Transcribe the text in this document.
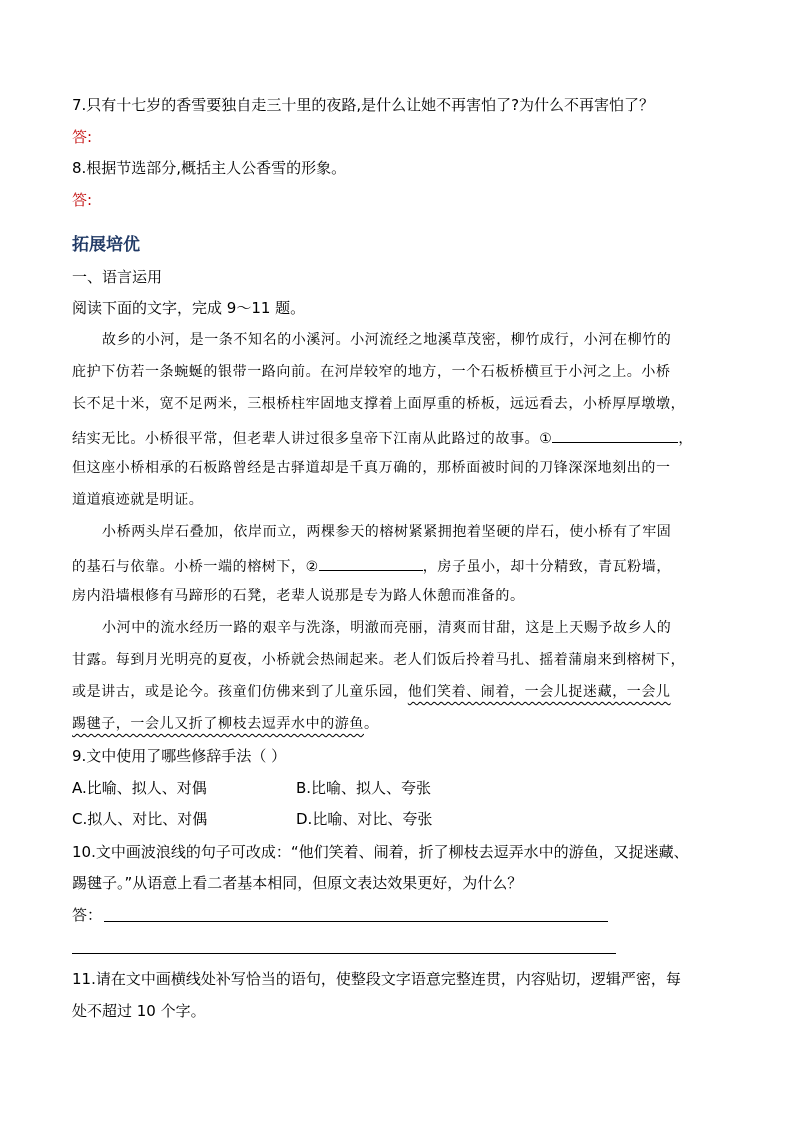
7.只有十七岁的香雪要独自走三十里的夜路,是什么让她不再害怕了?为什么不再害怕了？
答:
8.根据节选部分,概括主人公香雪的形象。
答:
拓展培优
一、语言运用
阅读下面的文字，完成 9～11 题。
故乡的小河，是一条不知名的小溪河。小河流经之地溪草茂密，柳竹成行，小河在柳竹的
庇护下仿若一条蜿蜒的银带一路向前。在河岸较窄的地方，一个石板桥横亘于小河之上。小桥
长不足十米，宽不足两米，三根桥柱牢固地支撑着上面厚重的桥板，远远看去，小桥厚厚墩墩，
结实无比。小桥很平常，但老辈人讲过很多皇帝下江南从此路过的故事。①	，
但这座小桥相承的石板路曾经是古驿道却是千真万确的，那桥面被时间的刀锋深深地刻出的一
道道痕迹就是明证。
小桥两头岸石叠加，依岸而立，两棵参天的榕树紧紧拥抱着坚硬的岸石，使小桥有了牢固
的基石与依靠。小桥一端的榕树下，②	，房子虽小，却十分精致，青瓦粉墙，
房内沿墙根修有马蹄形的石凳，老辈人说那是专为路人休憩而准备的。
小河中的流水经历一路的艰辛与洗涤，明澈而亮丽，清爽而甘甜，这是上天赐予故乡人的
甘露。每到月光明亮的夏夜，小桥就会热闹起来。老人们饭后拎着马扎、摇着蒲扇来到榕树下，
或是讲古，或是论今。孩童们仿佛来到了儿童乐园，他们笑着、闹着，一会儿捉迷藏，一会儿
踢毽子，一会儿又折了柳枝去逗弄水中的游鱼。
9.文中使用了哪些修辞手法（ ）
A.比喻、拟人、对偶	B.比喻、拟人、夸张
C.拟人、对比、对偶	D.比喻、对比、夸张
10.文中画波浪线的句子可改成：“他们笑着、闹着，折了柳枝去逗弄水中的游鱼，又捉迷藏、
踢毽子。”从语意上看二者基本相同，但原文表达效果更好，为什么？
答：
11.请在文中画横线处补写恰当的语句，使整段文字语意完整连贯，内容贴切，逻辑严密，每
处不超过 10 个字。
